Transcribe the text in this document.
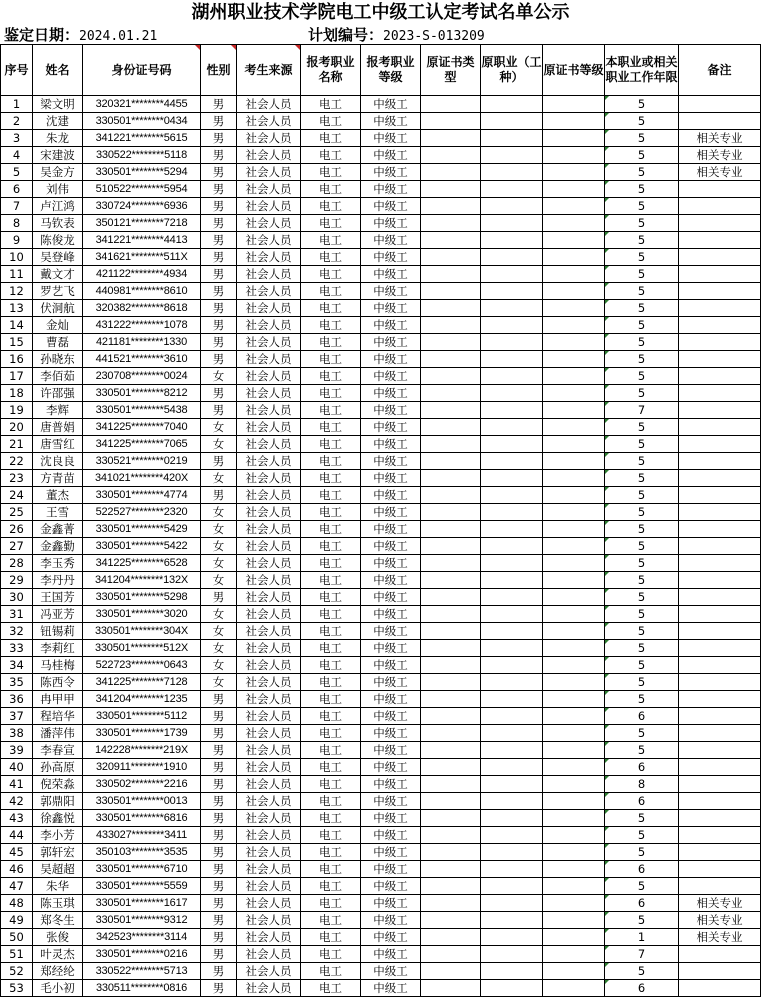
湖州职业技术学院电工中级工认定考试名单公示
鉴定日期：2024.01.21	计划编号：2023-S-013209
序号	姓名	身份证号码	性别	考生来源	报考职业名称	报考职业等级	原证书类型	原职业（工种）	原证书等级	本职业或相关职业工作年限	备注
1	梁文明	320321********4455	男	社会人员	电工	中级工				5	
2	沈建	330501********0434	男	社会人员	电工	中级工				5	
3	朱龙	341221********5615	男	社会人员	电工	中级工				5	相关专业
4	宋建波	330522********5118	男	社会人员	电工	中级工				5	相关专业
5	吴金方	330501********5294	男	社会人员	电工	中级工				5	相关专业
6	刘伟	510522********5954	男	社会人员	电工	中级工				5	
7	卢江鸿	330724********6936	男	社会人员	电工	中级工				5	
8	马钦表	350121********7218	男	社会人员	电工	中级工				5	
9	陈俊龙	341221********4413	男	社会人员	电工	中级工				5	
10	吴登峰	341621********511X	男	社会人员	电工	中级工				5	
11	戴文才	421122********4934	男	社会人员	电工	中级工				5	
12	罗艺飞	440981********8610	男	社会人员	电工	中级工				5	
13	伏洞航	320382********8618	男	社会人员	电工	中级工				5	
14	金灿	431222********1078	男	社会人员	电工	中级工				5	
15	曹磊	421181********1330	男	社会人员	电工	中级工				5	
16	孙晓东	441521********3610	男	社会人员	电工	中级工				5	
17	李佰茹	230708********0024	女	社会人员	电工	中级工				5	
18	许邵强	330501********8212	男	社会人员	电工	中级工				5	
19	李辉	330501********5438	男	社会人员	电工	中级工				7	
20	唐普娟	341225********7040	女	社会人员	电工	中级工				5	
21	唐雪红	341225********7065	女	社会人员	电工	中级工				5	
22	沈良良	330521********0219	男	社会人员	电工	中级工				5	
23	方青苗	341021********420X	女	社会人员	电工	中级工				5	
24	董杰	330501********4774	男	社会人员	电工	中级工				5	
25	王雪	522527********2320	女	社会人员	电工	中级工				5	
26	金鑫菁	330501********5429	女	社会人员	电工	中级工				5	
27	金鑫勤	330501********5422	女	社会人员	电工	中级工				5	
28	李玉秀	341225********6528	女	社会人员	电工	中级工				5	
29	李丹丹	341204********132X	女	社会人员	电工	中级工				5	
30	王国芳	330501********5298	男	社会人员	电工	中级工				5	
31	冯亚芳	330501********3020	女	社会人员	电工	中级工				5	
32	钮锡莉	330501********304X	女	社会人员	电工	中级工				5	
33	李莉红	330501********512X	女	社会人员	电工	中级工				5	
34	马桂梅	522723********0643	女	社会人员	电工	中级工				5	
35	陈西令	341225********7128	女	社会人员	电工	中级工				5	
36	冉甲甲	341204********1235	男	社会人员	电工	中级工				5	
37	程培华	330501********5112	男	社会人员	电工	中级工				6	
38	潘萍伟	330501********1739	男	社会人员	电工	中级工				5	
39	李春宣	142228********219X	男	社会人员	电工	中级工				5	
40	孙高原	320911********1910	男	社会人员	电工	中级工				6	
41	倪荣淼	330502********2216	男	社会人员	电工	中级工				8	
42	郭鼎阳	330501********0013	男	社会人员	电工	中级工				6	
43	徐鑫悦	330501********6816	男	社会人员	电工	中级工				5	
44	李小芳	433027********3411	男	社会人员	电工	中级工				5	
45	郭轩宏	350103********3535	男	社会人员	电工	中级工				5	
46	吴超超	330501********6710	男	社会人员	电工	中级工				6	
47	朱华	330501********5559	男	社会人员	电工	中级工				5	
48	陈玉琪	330501********1617	男	社会人员	电工	中级工				6	相关专业
49	郑冬生	330501********9312	男	社会人员	电工	中级工				5	相关专业
50	张俊	342523********3114	男	社会人员	电工	中级工				1	相关专业
51	叶灵杰	330501********0216	男	社会人员	电工	中级工				7	
52	郑经纶	330522********5713	男	社会人员	电工	中级工				5	
53	毛小初	330511********0816	男	社会人员	电工	中级工				6	
